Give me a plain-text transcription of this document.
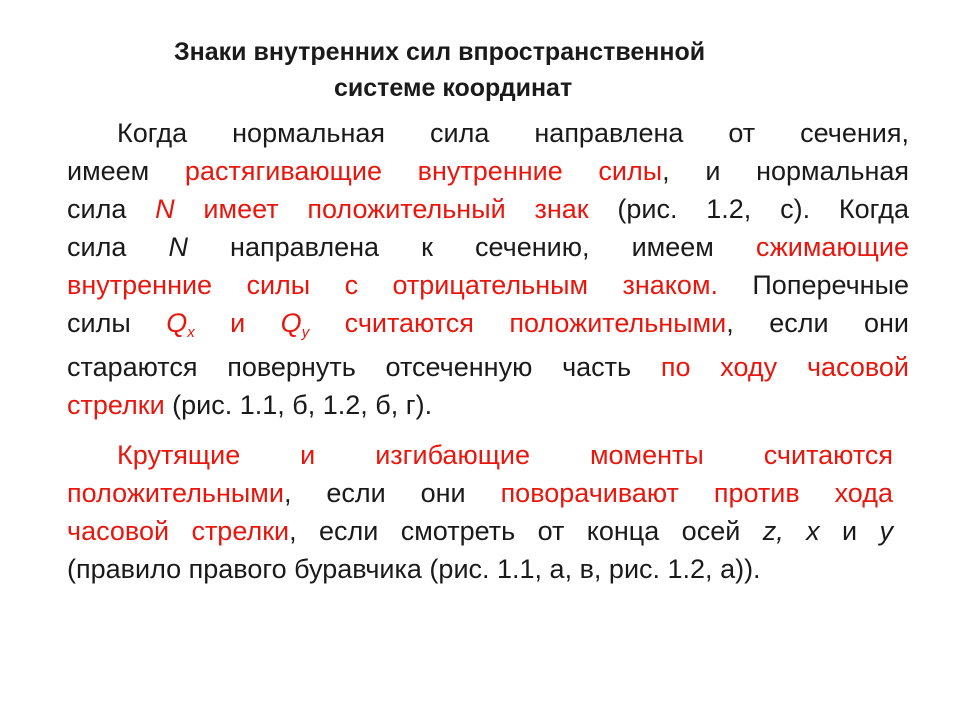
Знаки внутренних сил впространственной
системе координат
Когда нормальная сила направлена от сечения,
имеем растягивающие внутренние силы, и нормальная
сила N имеет положительный знак (рис. 1.2, с). Когда
сила N направлена к сечению, имеем сжимающие
внутренние силы с отрицательным знаком. Поперечные
силы $Q_x$ и $Q_y$ считаются положительными, если они
стараются повернуть отсеченную часть по ходу часовой
стрелки (рис. 1.1, б, 1.2, б, г).
Крутящие и изгибающие моменты считаются
положительными, если они поворачивают против хода
часовой стрелки, если смотреть от конца осей z, x и y
(правило правого буравчика (рис. 1.1, а, в, рис. 1.2, а)).
